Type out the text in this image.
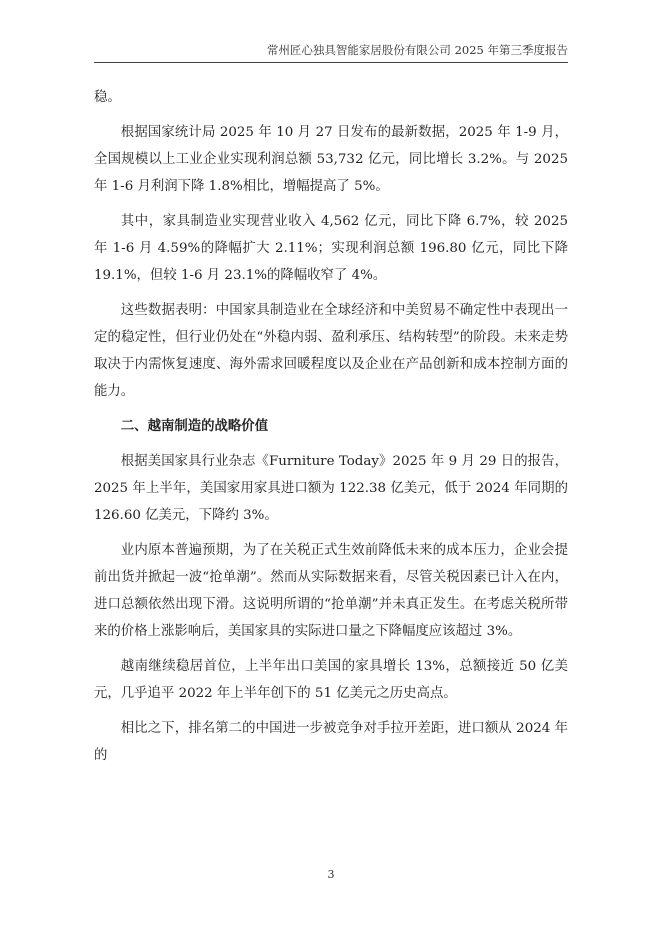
常州匠心独具智能家居股份有限公司 2025 年第三季度报告

稳。

根据国家统计局 2025 年 10 月 27 日发布的最新数据，2025 年 1-9 月，全国规模以上工业企业实现利润总额 53,732 亿元，同比增长 3.2%。与 2025 年 1-6 月利润下降 1.8%相比，增幅提高了 5%。

其中，家具制造业实现营业收入 4,562 亿元，同比下降 6.7%，较 2025 年 1-6 月 4.59%的降幅扩大 2.11%；实现利润总额 196.80 亿元，同比下降 19.1%，但较 1-6 月 23.1%的降幅收窄了 4%。

这些数据表明：中国家具制造业在全球经济和中美贸易不确定性中表现出一定的稳定性，但行业仍处在“外稳内弱、盈利承压、结构转型”的阶段。未来走势取决于内需恢复速度、海外需求回暖程度以及企业在产品创新和成本控制方面的能力。

二、越南制造的战略价值

根据美国家具行业杂志《Furniture Today》2025 年 9 月 29 日的报告，2025 年上半年，美国家用家具进口额为 122.38 亿美元，低于 2024 年同期的 126.60 亿美元，下降约 3%。

业内原本普遍预期，为了在关税正式生效前降低未来的成本压力，企业会提前出货并掀起一波“抢单潮”。然而从实际数据来看，尽管关税因素已计入在内，进口总额依然出现下滑。这说明所谓的“抢单潮”并未真正发生。在考虑关税所带来的价格上涨影响后，美国家具的实际进口量之下降幅度应该超过 3%。

越南继续稳居首位，上半年出口美国的家具增长 13%，总额接近 50 亿美元，几乎追平 2022 年上半年创下的 51 亿美元之历史高点。

相比之下，排名第二的中国进一步被竞争对手拉开差距，进口额从 2024 年的

3
